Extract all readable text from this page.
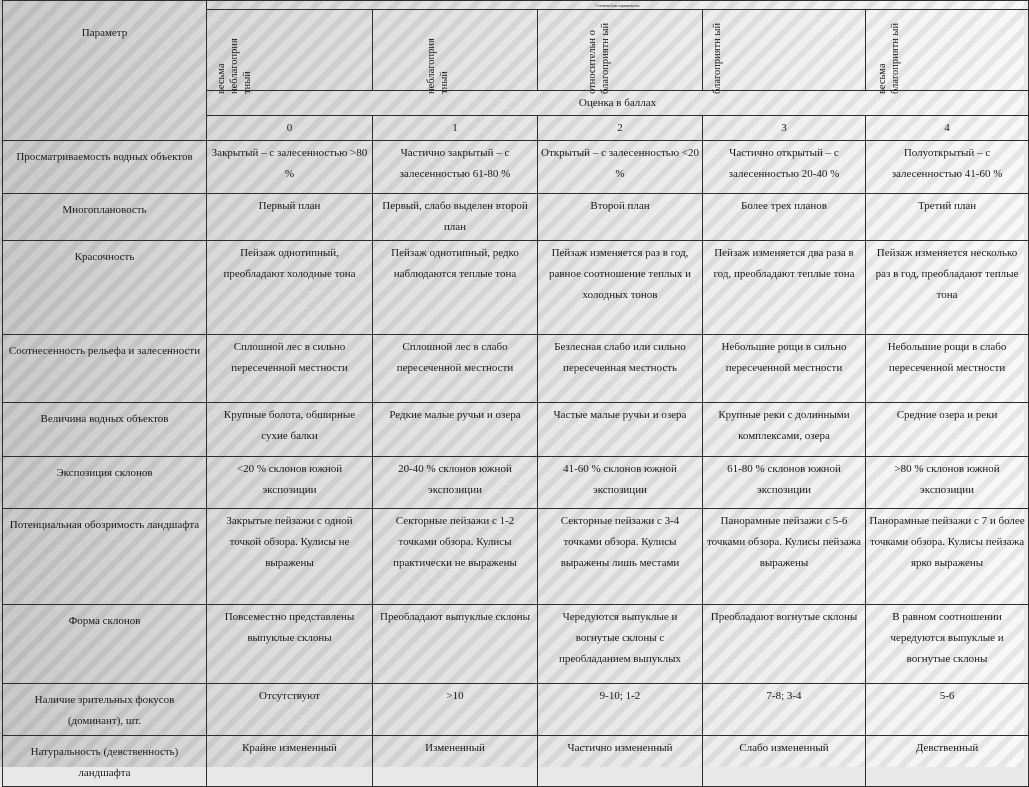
Параметр	Степень благоприятности				

	весьма неблагоприя тный	неблагоприя тный	относительн о благоприятн ый	благоприятн ый	весьма благоприятн ый

	Оценка в баллах				
	0	1	2	3	4
Просматриваемость водных объектов	Закрытый – с залесенностью >80 %	Частично закрытый – с залесенностью 61-80 %	Открытый – с залесенностью <20 %	Частично открытый – с залесенностью 20-40 %	Полуоткрытый – с залесенностью 41-60 %
Многоплановость	Первый план	Первый, слабо выделен второй план	Второй план	Более трех планов	Третий план
Красочность	Пейзаж однотипный, преобладают холодные тона	Пейзаж однотипный, редко наблюдаются теплые тона	Пейзаж изменяется раз в год, равное соотношение теплых и холодных тонов	Пейзаж изменяется два раза в год, преобладают теплые тона	Пейзаж изменяется несколько раз в год, преобладают теплые тона
Соотнесенность рельефа и залесенности	Сплошной лес в сильно пересеченной местности	Сплошной лес в слабо пересеченной местности	Безлесная слабо или сильно пересеченная местность	Небольшие рощи в сильно пересеченной местности	Небольшие рощи в слабо пересеченной местности
Величина водных объектов	Крупные болота, обширные сухие балки	Редкие малые ручьи и озера	Частые малые ручьи и озера	Крупные реки с долинными комплексами, озера	Средние озера и реки
Экспозиция склонов	<20 % склонов южной экспозиции	20-40 % склонов южной экспозиции	41-60 % склонов южной экспозиции	61-80 % склонов южной экспозиции	>80 % склонов южной экспозиции
Потенциальная обозримость ландшафта	Закрытые пейзажи с одной точкой обзора. Кулисы не выражены	Секторные пейзажи с 1-2 точками обзора. Кулисы практически не выражены	Секторные пейзажи с 3-4 точками обзора. Кулисы выражены лишь местами	Панорамные пейзажи с 5-6 точками обзора. Кулисы пейзажа выражены	Панорамные пейзажи с 7 и более точками обзора. Кулисы пейзажа ярко выражены
Форма склонов	Повсеместно представлены выпуклые склоны	Преобладают выпуклые склоны	Чередуются выпуклые и вогнутые склоны с преобладанием выпуклых	Преобладают вогнутые склоны	В равном соотношении чередуются выпуклые и вогнутые склоны
Наличие зрительных фокусов (доминант), шт.	Отсутствуют	>10	9-10; 1-2	7-8; 3-4	5-6
Натуральность (девственность) ландшафта	Крайне измененный	Измененный	Частично измененный	Слабо измененный	Девственный
